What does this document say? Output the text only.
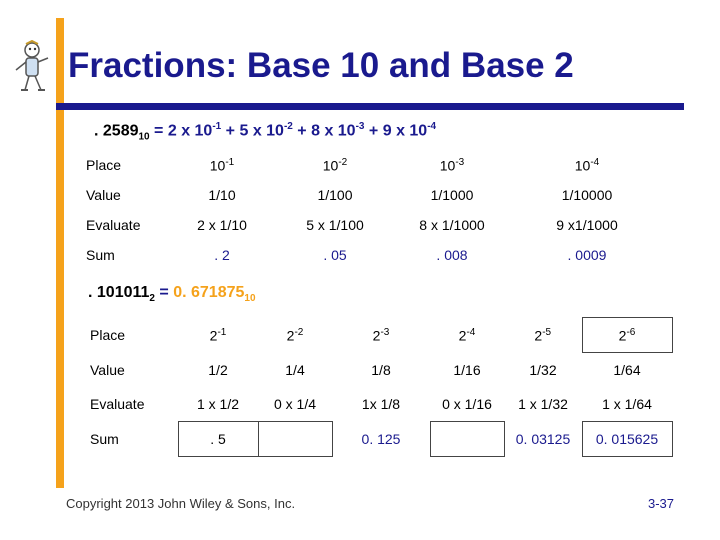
Fractions: Base 10 and Base 2
. $2589_{10} = 2$ x $10^{-1} + 5$ x $10^{-2} + 8$ x $10^{-3} + 9$ x $10^{-4}$
Place	$10^{-1}$	$10^{-2}$	$10^{-3}$	$10^{-4}$
Value	1/10	1/100	1/1000	1/10000
Evaluate	2 x 1/10	5 x 1/100	8 x 1/1000	9 x1/1000
Sum	. 2	. 05	. 008	. 0009
. $101011_2 = 0$. $671875_{10}$
Place	$2^{-1}$	$2^{-2}$	$2^{-3}$	$2^{-4}$	$2^{-5}$	$2^{-6}$
Value	1/2	1/4	1/8	1/16	1/32	1/64
Evaluate	1 x 1/2	0 x 1/4	1x 1/8	0 x 1/16	1 x 1/32	1 x 1/64
Sum	. 5		0. 125		0. 03125	0. 015625
Copyright 2013 John Wiley & Sons, Inc.	3-37
